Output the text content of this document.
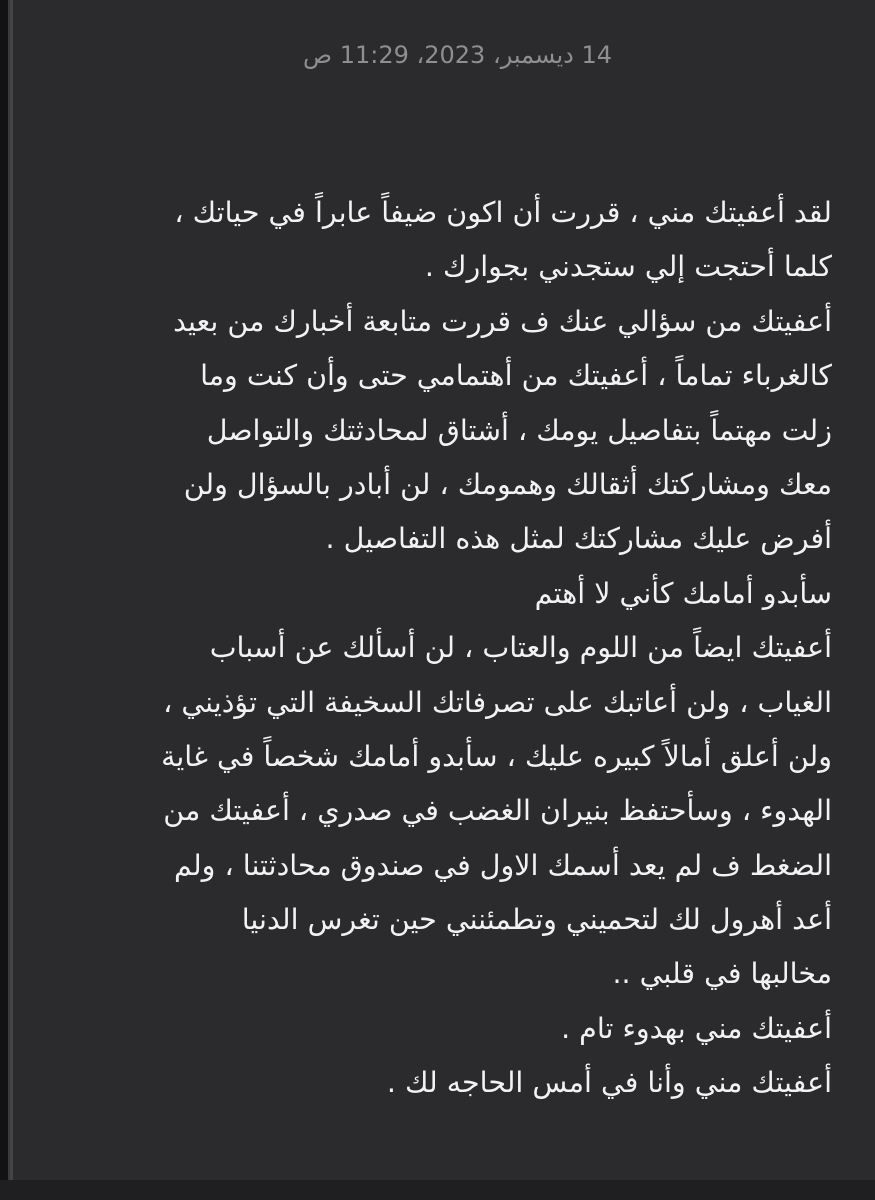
14 ديسمبر، 2023، 11:29 ص
لقد أعفيتك مني ، قررت أن اكون ضيفاً عابراً في حياتك ،
كلما أحتجت إلي ستجدني بجوارك .
أعفيتك من سؤالي عنك ف قررت متابعة أخبارك من بعيد
كالغرباء تماماً ، أعفيتك من أهتمامي حتى وأن كنت وما
زلت مهتماً بتفاصيل يومك ، أشتاق لمحادثتك والتواصل
معك ومشاركتك أثقالك وهمومك ، لن أبادر بالسؤال ولن
أفرض عليك مشاركتك لمثل هذه التفاصيل .
سأبدو أمامك كأني لا أهتم
أعفيتك ايضاً من اللوم والعتاب ، لن أسألك عن أسباب
الغياب ، ولن أعاتبك على تصرفاتك السخيفة التي تؤذيني ،
ولن أعلق أمالاً كبيره عليك ، سأبدو أمامك شخصاً في غاية
الهدوء ، وسأحتفظ بنيران الغضب في صدري ، أعفيتك من
الضغط ف لم يعد أسمك الاول في صندوق محادثتنا ، ولم
أعد أهرول لك لتحميني وتطمئنني حين تغرس الدنيا
مخالبها في قلبي ..
أعفيتك مني بهدوء تام .
أعفيتك مني وأنا في أمس الحاجه لك .
